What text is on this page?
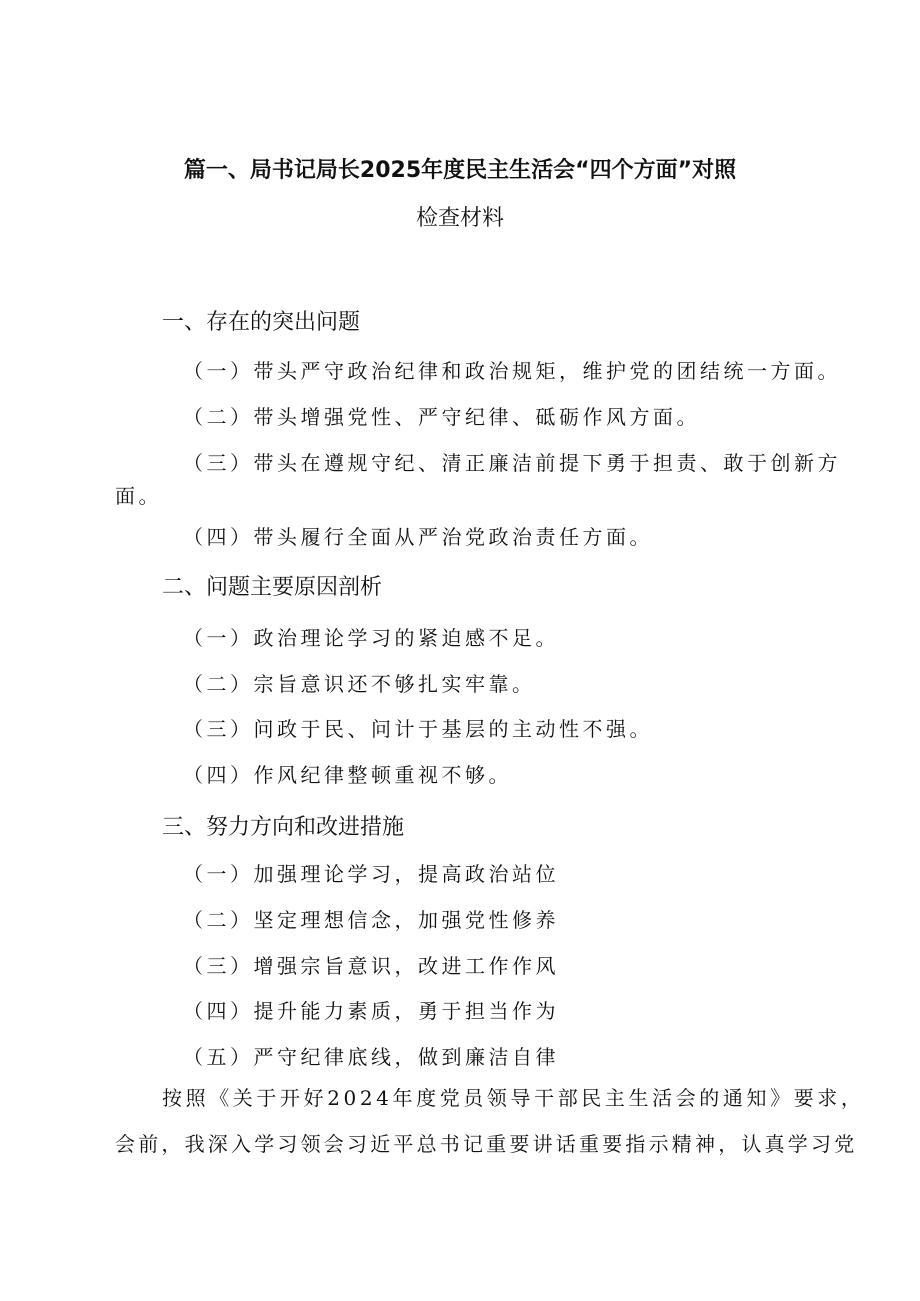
篇一、局书记局长2025年度民主生活会“四个方面”对照
检查材料
一、存在的突出问题
（一）带头严守政治纪律和政治规矩，维护党的团结统一方面。
（二）带头增强党性、严守纪律、砥砺作风方面。
（三）带头在遵规守纪、清正廉洁前提下勇于担责、敢于创新方
面。
（四）带头履行全面从严治党政治责任方面。
二、问题主要原因剖析
（一）政治理论学习的紧迫感不足。
（二）宗旨意识还不够扎实牢靠。
（三）问政于民、问计于基层的主动性不强。
（四）作风纪律整顿重视不够。
三、努力方向和改进措施
（一）加强理论学习，提高政治站位
（二）坚定理想信念，加强党性修养
（三）增强宗旨意识，改进工作作风
（四）提升能力素质，勇于担当作为
（五）严守纪律底线，做到廉洁自律
按照《关于开好2024年度党员领导干部民主生活会的通知》要求，
会前，我深入学习领会习近平总书记重要讲话重要指示精神，认真学习党
